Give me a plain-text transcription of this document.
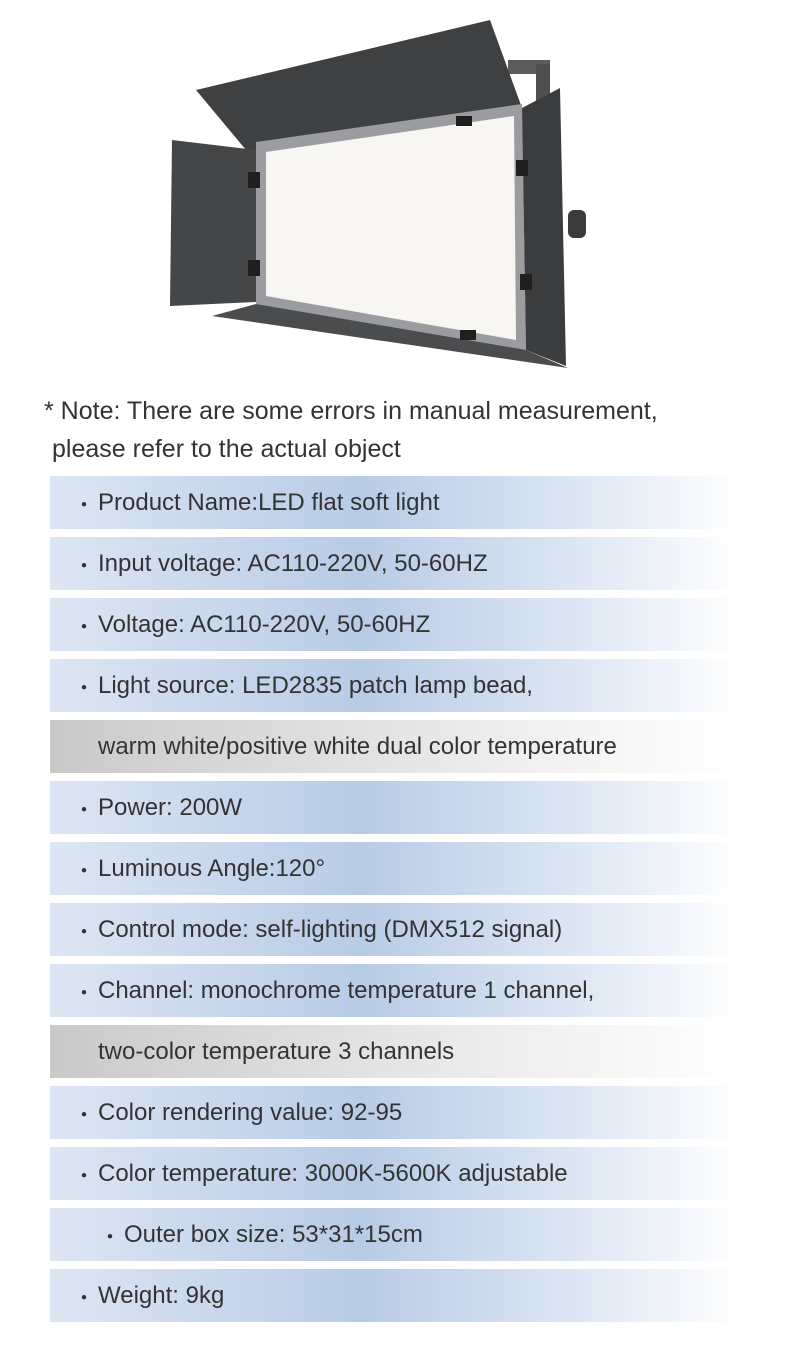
* Note: There are some errors in manual measurement,
please refer to the actual object
・ Product Name:LED flat soft light
・ Input voltage: AC110-220V, 50-60HZ
・ Voltage: AC110-220V, 50-60HZ
・ Light source: LED2835 patch lamp bead,
warm white/positive white dual color temperature
・ Power: 200W
・ Luminous Angle:120°
・ Control mode: self-lighting (DMX512 signal)
・ Channel: monochrome temperature 1 channel,
two-color temperature 3 channels
・ Color rendering value: 92-95
・ Color temperature: 3000K-5600K adjustable
・ Outer box size: 53*31*15cm
・ Weight: 9kg
